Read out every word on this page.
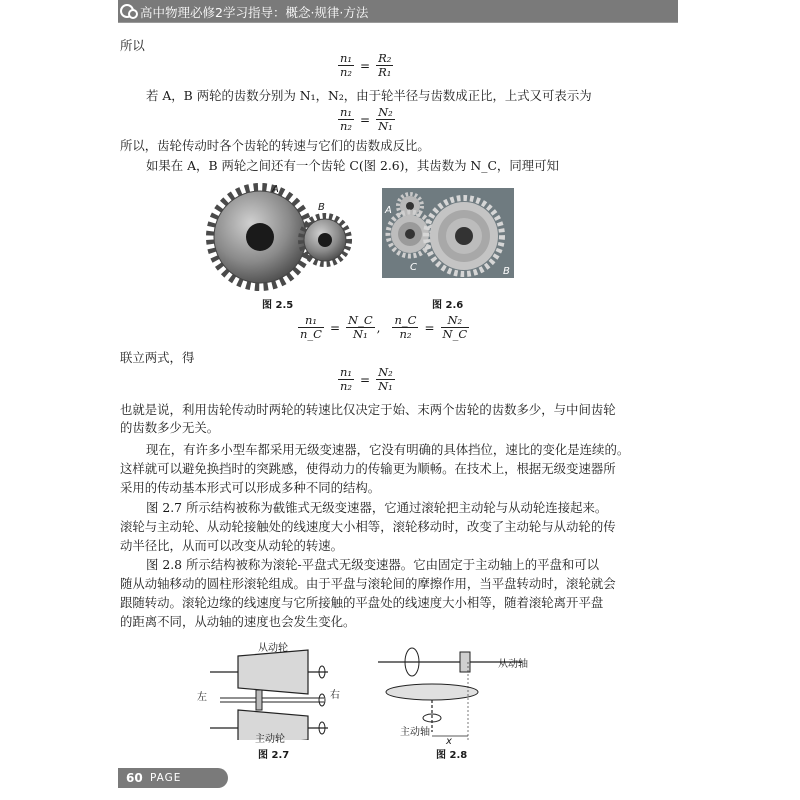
高中物理必修2学习指导：概念·规律·方法
所以
$\frac{\text{n₁}}{\text{n₂}} = \frac{\text{R₂}}{\text{R₁}}$
若 A，B 两轮的齿数分别为 N₁，N₂，由于轮半径与齿数成正比，上式又可表示为
$\frac{\text{n₁}}{\text{n₂}} = \frac{\text{N₂}}{\text{N₁}}$
所以，齿轮传动时各个齿轮的转速与它们的齿数成反比。
如果在 A，B 两轮之间还有一个齿轮 C(图 2.6)，其齿数为 N_C，同理可知
A
B
图 2.5
A
C	B
图 2.6
$\frac{\text{n₁}}{n\_C} = \frac{N\_C}{\text{N₁}}$ , $\frac{n\_C}{\text{n₂}} = \frac{\text{N₂}}{N\_C}$
联立两式，得
$\frac{\text{n₁}}{\text{n₂}} = \frac{\text{N₂}}{\text{N₁}}$
也就是说，利用齿轮传动时两轮的转速比仅决定于始、末两个齿轮的齿数多少，与中间齿轮
的齿数多少无关。
现在，有许多小型车都采用无级变速器，它没有明确的具体挡位，速比的变化是连续的。
这样就可以避免换挡时的突跳感，使得动力的传输更为顺畅。在技术上，根据无级变速器所
采用的传动基本形式可以形成多种不同的结构。
图 2.7 所示结构被称为截锥式无级变速器，它通过滚轮把主动轮与从动轮连接起来。
滚轮与主动轮、从动轮接触处的线速度大小相等，滚轮移动时，改变了主动轮与从动轮的传
动半径比，从而可以改变从动轮的转速。
图 2.8 所示结构被称为滚轮-平盘式无级变速器。它由固定于主动轴上的平盘和可以
随从动轴移动的圆柱形滚轮组成。由于平盘与滚轮间的摩擦作用，当平盘转动时，滚轮就会
跟随转动。滚轮边缘的线速度与它所接触的平盘处的线速度大小相等，随着滚轮离开平盘
的距离不同，从动轴的速度也会发生变化。
从动轮
左	右
主动轮
图 2.7
从动轴
主动轴
x
图 2.8
60 PAGE
